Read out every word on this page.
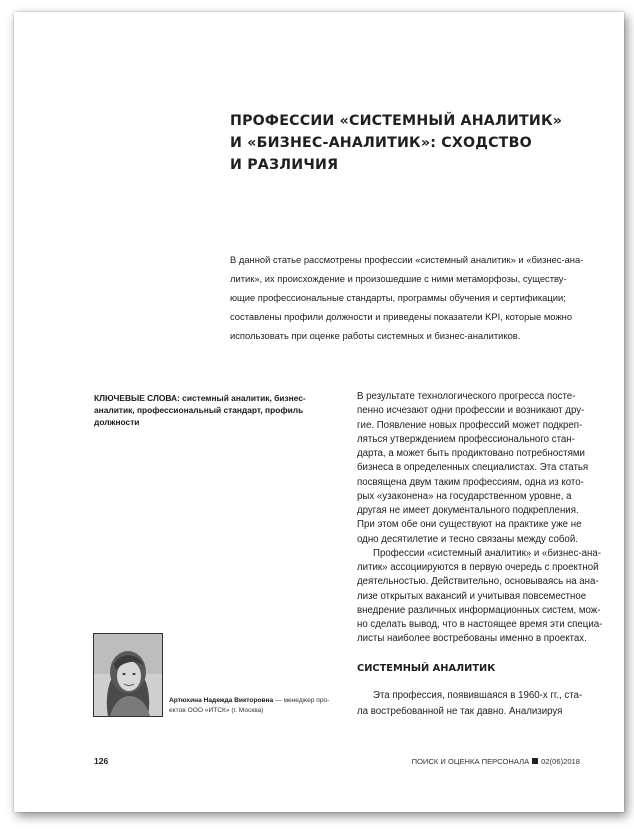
ПРОФЕССИИ «СИСТЕМНЫЙ АНАЛИТИК»
И «БИЗНЕС-АНАЛИТИК»: СХОДСТВО
И РАЗЛИЧИЯ

В данной статье рассмотрены профессии «системный аналитик» и «бизнес-ана-
литик», их происхождение и произошедшие с ними метаморфозы, существу-
ющие профессиональные стандарты, программы обучения и сертификации;
составлены профили должности и приведены показатели KPI, которые можно
использовать при оценке работы системных и бизнес-аналитиков.

КЛЮЧЕВЫЕ СЛОВА: системный аналитик, бизнес-аналитик, профессиональный стандарт, профиль должности

В результате технологического прогресса посте-
пенно исчезают одни профессии и возникают дру-
гие. Появление новых профессий может подкреп-
ляться утверждением профессионального стан-
дарта, а может быть продиктовано потребностями
бизнеса в определенных специалистах. Эта статья
посвящена двум таким профессиям, одна из кото-
рых «узаконена» на государственном уровне, а
другая не имеет документального подкрепления.
При этом обе они существуют на практике уже не
одно десятилетие и тесно связаны между собой.
Профессии «системный аналитик» и «бизнес-ана-
литик» ассоциируются в первую очередь с проектной
деятельностью. Действительно, основываясь на ана-
лизе открытых вакансий и учитывая повсеместное
внедрение различных информационных систем, мож-
но сделать вывод, что в настоящее время эти специа-
листы наиболее востребованы именно в проектах.

СИСТЕМНЫЙ АНАЛИТИК

Эта профессия, появившаяся в 1960-х гг., ста-
ла востребованной не так давно. Анализируя

Артюхина Надежда Викторовна — менеджер про-ектов ООО «ИТСК» (г. Москва)

126	ПОИСК И ОЦЕНКА ПЕРСОНАЛА 02(06)2018
